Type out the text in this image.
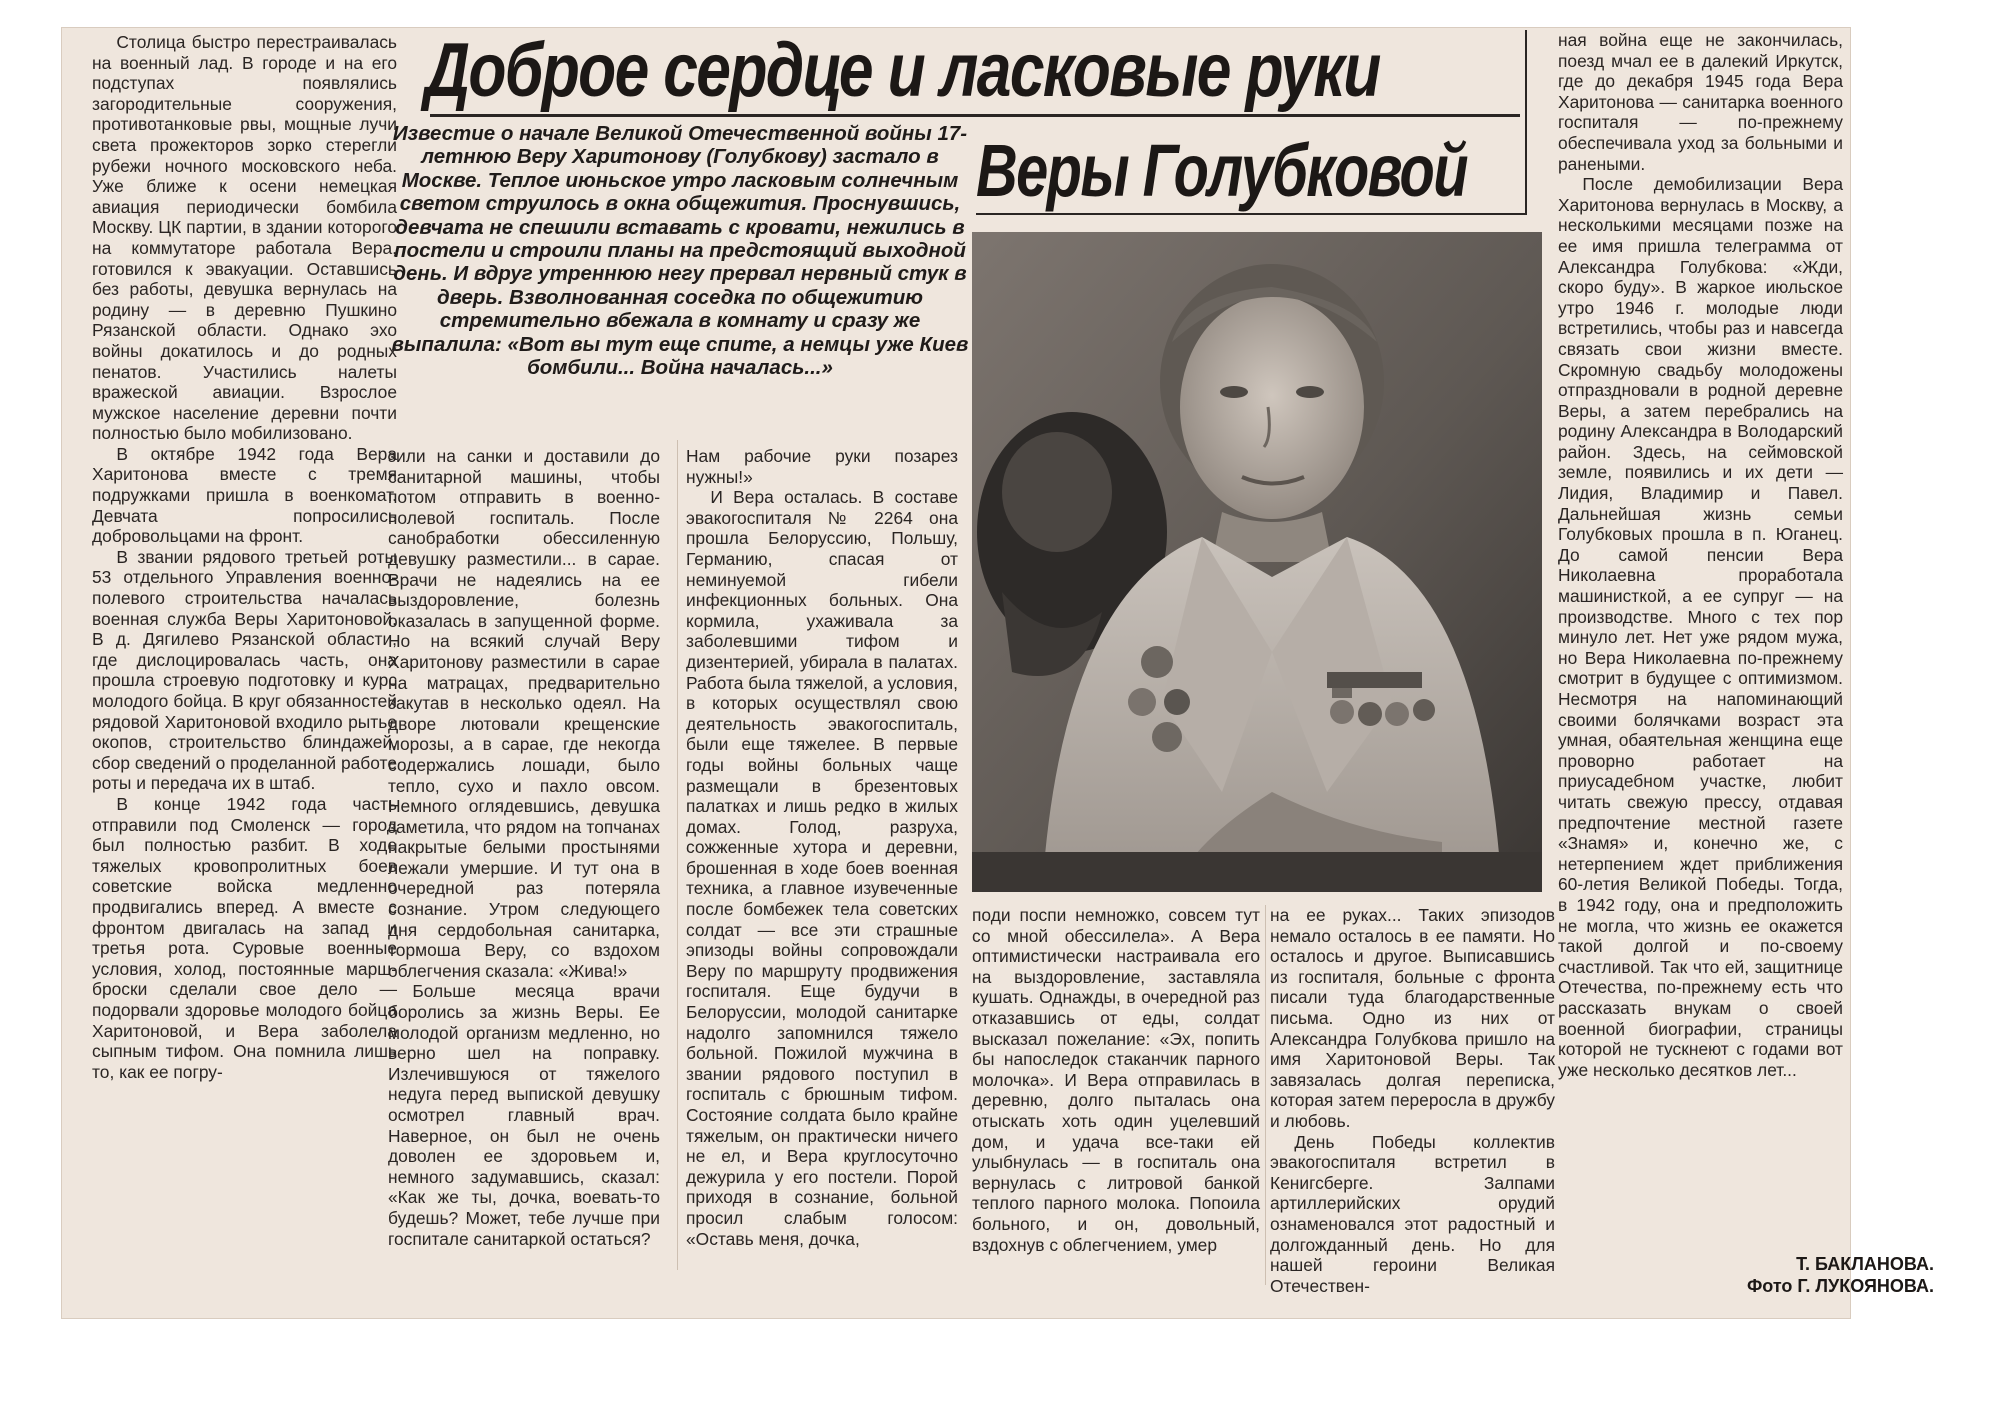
Доброе сердце и ласковые руки
Веры Голубковой
Известие о начале Великой Отечественной войны 17-летнюю Веру Харитонову (Голубкову) застало в Москве. Теплое июньское утро ласковым солнечным светом струилось в окна общежития. Проснувшись, девчата не спешили вставать с кровати, нежились в постели и строили планы на предстоящий выходной день. И вдруг утреннюю негу прервал нервный стук в дверь. Взволнованная соседка по общежитию стремительно вбежала в комнату и сразу же выпалила: «Вот вы тут еще спите, а немцы уже Киев бомбили... Война началась...»

Столица быстро перестраивалась на военный лад. В городе и на его подступах появлялись загородительные сооружения, противотанковые рвы, мощные лучи света прожекторов зорко стерегли рубежи ночного московского неба. Уже ближе к осени немецкая авиация периодически бомбила Москву. ЦК партии, в здании которого на коммутаторе работала Вера, готовился к эвакуации. Оставшись без работы, девушка вернулась на родину — в деревню Пушкино Рязанской области. Однако эхо войны докатилось и до родных пенатов. Участились налеты вражеской авиации. Взрослое мужское население деревни почти полностью было мобилизовано.

В октябре 1942 года Вера Харитонова вместе с тремя подружками пришла в военкомат. Девчата попросились добровольцами на фронт.

В звании рядового третьей роты 53 отдельного Управления военно-полевого строительства началась военная служба Веры Харитоновой. В д. Дягилево Рязанской области, где дислоцировалась часть, она прошла строевую подготовку и курс молодого бойца. В круг обязанностей рядовой Харитоновой входило рытье окопов, строительство блиндажей, сбор сведений о проделанной работе роты и передача их в штаб.

В конце 1942 года часть отправили под Смоленск — город был полностью разбит. В ходе тяжелых кровопролитных боев советские войска медленно продвигались вперед. А вместе с фронтом двигалась на запад и третья рота. Суровые военные условия, холод, постоянные марш-броски сделали свое дело — подорвали здоровье молодого бойца Харитоновой, и Вера заболела сыпным тифом. Она помнила лишь то, как ее погру-

зили на санки и доставили до санитарной машины, чтобы потом отправить в военно-полевой госпиталь. После санобработки обессиленную девушку разместили... в сарае. Врачи не надеялись на ее выздоровление, болезнь оказалась в запущенной форме. Но на всякий случай Веру Харитонову разместили в сарае на матрацах, предварительно закутав в несколько одеял. На дворе лютовали крещенские морозы, а в сарае, где некогда содержались лошади, было тепло, сухо и пахло овсом. Немного оглядевшись, девушка заметила, что рядом на топчанах накрытые белыми простынями лежали умершие. И тут она в очередной раз потеряла сознание. Утром следующего дня сердобольная санитарка, тормоша Веру, со вздохом облегчения сказала: «Жива!»

Больше месяца врачи боролись за жизнь Веры. Ее молодой организм медленно, но верно шел на поправку. Излечившуюся от тяжелого недуга перед выпиской девушку осмотрел главный врач. Наверное, он был не очень доволен ее здоровьем и, немного задумавшись, сказал: «Как же ты, дочка, воевать-то будешь? Может, тебе лучше при госпитале санитаркой остаться?

Нам рабочие руки позарез нужны!»

И Вера осталась. В составе эвакогоспиталя № 2264 она прошла Белоруссию, Польшу, Германию, спасая от неминуемой гибели инфекционных больных. Она кормила, ухаживала за заболевшими тифом и дизентерией, убирала в палатах. Работа была тяжелой, а условия, в которых осуществлял свою деятельность эвакогоспиталь, были еще тяжелее. В первые годы войны больных чаще размещали в брезентовых палатках и лишь редко в жилых домах. Голод, разруха, сожженные хутора и деревни, брошенная в ходе боев военная техника, а главное изувеченные после бомбежек тела советских солдат — все эти страшные эпизоды войны сопровождали Веру по маршруту продвижения госпиталя. Еще будучи в Белоруссии, молодой санитарке надолго запомнился тяжело больной. Пожилой мужчина в звании рядового поступил в госпиталь с брюшным тифом. Состояние солдата было крайне тяжелым, он практически ничего не ел, и Вера круглосуточно дежурила у его постели. Порой приходя в сознание, больной просил слабым голосом: «Оставь меня, дочка,

поди поспи немножко, совсем тут со мной обессилела». А Вера оптимистически настраивала его на выздоровление, заставляла кушать. Однажды, в очередной раз отказавшись от еды, солдат высказал пожелание: «Эх, попить бы напоследок стаканчик парного молочка». И Вера отправилась в деревню, долго пыталась она отыскать хоть один уцелевший дом, и удача все-таки ей улыбнулась — в госпиталь она вернулась с литровой банкой теплого парного молока. Попоила больного, и он, довольный, вздохнув с облегчением, умер

на ее руках... Таких эпизодов немало осталось в ее памяти. Но осталось и другое. Выписавшись из госпиталя, больные с фронта писали туда благодарственные письма. Одно из них от Александра Голубкова пришло на имя Харитоновой Веры. Так завязалась долгая переписка, которая затем переросла в дружбу и любовь.

День Победы коллектив эвакогоспиталя встретил в Кенигсберге. Залпами артиллерийских орудий ознаменовался этот радостный и долгожданный день. Но для нашей героини Великая Отечествен-

ная война еще не закончилась, поезд мчал ее в далекий Иркутск, где до декабря 1945 года Вера Харитонова — санитарка военного госпиталя — по-прежнему обеспечивала уход за больными и ранеными.

После демобилизации Вера Харитонова вернулась в Москву, а несколькими месяцами позже на ее имя пришла телеграмма от Александра Голубкова: «Жди, скоро буду». В жаркое июльское утро 1946 г. молодые люди встретились, чтобы раз и навсегда связать свои жизни вместе. Скромную свадьбу молодожены отпраздновали в родной деревне Веры, а затем перебрались на родину Александра в Володарский район. Здесь, на сеймовской земле, появились и их дети — Лидия, Владимир и Павел. Дальнейшая жизнь семьи Голубковых прошла в п. Юганец. До самой пенсии Вера Николаевна проработала машинисткой, а ее супруг — на производстве. Много с тех пор минуло лет. Нет уже рядом мужа, но Вера Николаевна по-прежнему смотрит в будущее с оптимизмом. Несмотря на напоминающий своими болячками возраст эта умная, обаятельная женщина еще проворно работает на приусадебном участке, любит читать свежую прессу, отдавая предпочтение местной газете «Знамя» и, конечно же, с нетерпением ждет приближения 60-летия Великой Победы. Тогда, в 1942 году, она и предположить не могла, что жизнь ее окажется такой долгой и по-своему счастливой. Так что ей, защитнице Отечества, по-прежнему есть что рассказать внукам о своей военной биографии, страницы которой не тускнеют с годами вот уже несколько десятков лет...

Т. БАКЛАНОВА.
Фото Г. ЛУКОЯНОВА.
